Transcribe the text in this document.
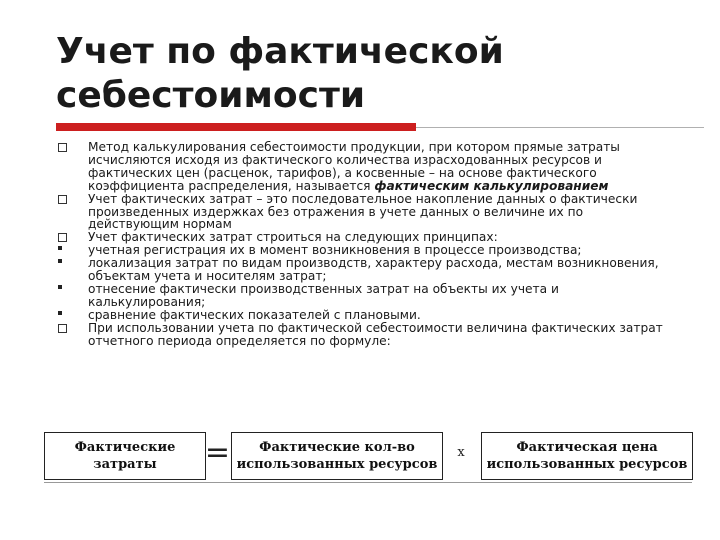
Учет по фактической себестоимости
Метод калькулирования себестоимости продукции, при котором прямые затраты исчисляются исходя из фактического количества израсходованных ресурсов и фактических цен (расценок, тарифов), а косвенные – на основе фактического коэффициента распределения, называется фактическим калькулированием
Учет фактических затрат – это последовательное накопление данных о фактически произведенных издержках без отражения в учете данных о величине их по действующим нормам
Учет фактических затрат строиться на следующих принципах:
учетная регистрация их в момент возникновения в процессе производства;
локализация затрат по видам производств, характеру расхода, местам возникновения, объектам учета и носителям затрат;
отнесение фактически производственных затрат на объекты их учета и калькулирования;
сравнение фактических показателей с плановыми.
При использовании учета по фактической себестоимости величина фактических затрат отчетного периода определяется по формуле:
Фактические
затраты	=	Фактические кол-во
использованных ресурсов
х	Фактическая цена
использованных ресурсов
